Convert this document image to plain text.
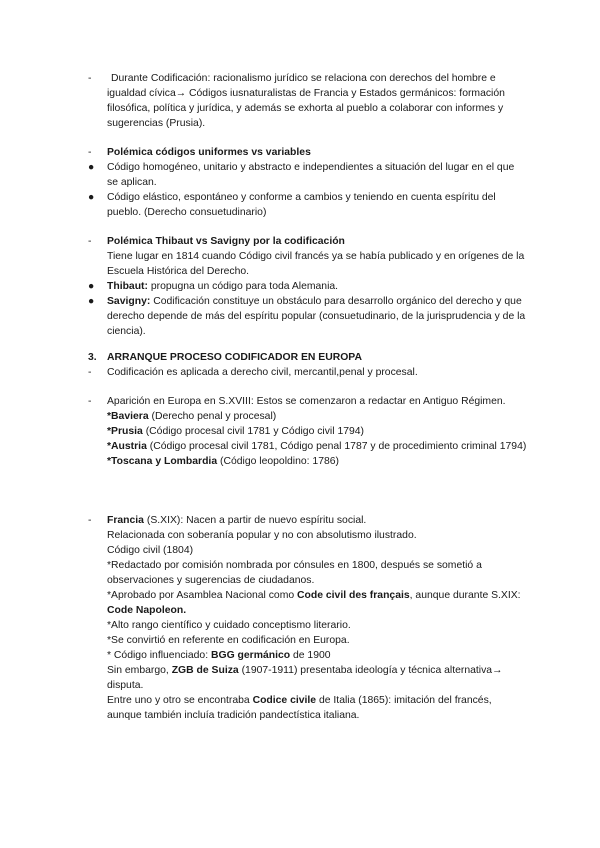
-	Durante Codificación: racionalismo jurídico se relaciona con derechos del hombre e igualdad cívica→ Códigos iusnaturalistas de Francia y Estados germánicos: formación filosófica, política y jurídica, y además se exhorta al pueblo a colaborar con informes y sugerencias (Prusia).
-	Polémica códigos uniformes vs variables
●	Código homogéneo, unitario y abstracto e independientes a situación del lugar en el que se aplican.
●	Código elástico, espontáneo y conforme a cambios y teniendo en cuenta espíritu del pueblo. (Derecho consuetudinario)
-	Polémica Thibaut vs Savigny por la codificación
Tiene lugar en 1814 cuando Código civil francés ya se había publicado y en orígenes de la Escuela Histórica del Derecho.
●	Thibaut: propugna un código para toda Alemania.
●	Savigny: Codificación constituye un obstáculo para desarrollo orgánico del derecho y que derecho depende de más del espíritu popular (consuetudinario, de la jurisprudencia y de la ciencia).
3. ARRANQUE PROCESO CODIFICADOR EN EUROPA
-	Codificación es aplicada a derecho civil, mercantil,penal y procesal.
-	Aparición en Europa en S.XVIII: Estos se comenzaron a redactar en Antiguo Régimen.
*Baviera (Derecho penal y procesal)
*Prusia (Código procesal civil 1781 y Código civil 1794)
*Austria (Código procesal civil 1781, Código penal 1787 y de procedimiento criminal 1794)
*Toscana y Lombardia (Código leopoldino: 1786)
-	Francia (S.XIX): Nacen a partir de nuevo espíritu social.
Relacionada con soberanía popular y no con absolutismo ilustrado.
Código civil (1804)
*Redactado por comisión nombrada por cónsules en 1800, después se sometió a observaciones y sugerencias de ciudadanos.
*Aprobado por Asamblea Nacional como Code civil des français, aunque durante S.XIX: Code Napoleon.
*Alto rango científico y cuidado conceptismo literario.
*Se convirtió en referente en codificación en Europa.
* Código influenciado: BGG germánico de 1900
Sin embargo, ZGB de Suiza (1907-1911) presentaba ideología y técnica alternativa→ disputa.
Entre uno y otro se encontraba Codice civile de Italia (1865): imitación del francés, aunque también incluía tradición pandectística italiana.
